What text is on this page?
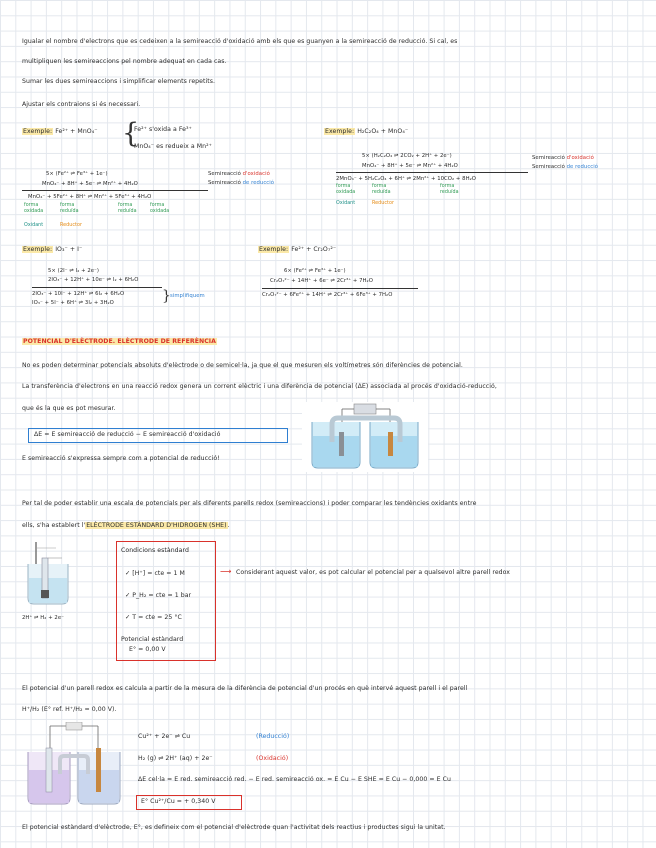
Igualar el nombre d'electrons que es cedeixen a la semireacció d'oxidació amb els que es guanyen a la semireacció de reducció. Si cal, es
multipliquen les semireaccions pel nombre adequat en cada cas.
Sumar les dues semireaccions i simplificar elements repetits.
Ajustar els contraions si és necessari.
Exemple: Fe²⁺ + MnO₄⁻ {
Fe²⁺ s'oxida a Fe³⁺
MnO₄⁻ es redueix a Mn²⁺
5× (Fe²⁺ ⇌ Fe³⁺ + 1e⁻)
MnO₄⁻ + 8H⁺ + 5e⁻ ⇌ Mn²⁺ + 4H₂O
MnO₄⁻ + 5Fe²⁺ + 8H⁺ ⇌ Mn²⁺ + 5Fe³⁺ + 4H₂O
Semireacció d'oxidació
Semireacció de reducció
forma
oxidada
forma
reduïda
forma
reduïda
forma
oxidada
Oxidant	Reductor
Exemple: H₂C₂O₄ + MnO₄⁻
5× (H₂C₂O₄ ⇌ 2CO₂ + 2H⁺ + 2e⁻)
MnO₄⁻ + 8H⁺ + 5e⁻ ⇌ Mn²⁺ + 4H₂O
2MnO₄⁻ + 5H₂C₂O₄ + 6H⁺ ⇌ 2Mn²⁺ + 10CO₂ + 8H₂O
Semireacció d'oxidació
Semireacció de reducció
forma
oxidada
forma
reduïda
forma
reduïda
Oxidant	Reductor
Exemple: IO₃⁻ + I⁻
5× (2I⁻ ⇌ I₂ + 2e⁻)
2IO₃⁻ + 12H⁺ + 10e⁻ ⇌ I₂ + 6H₂O
2IO₃⁻ + 10I⁻ + 12H⁺ ⇌ 6I₂ + 6H₂O
IO₃⁻ + 5I⁻ + 6H⁺ ⇌ 3I₂ + 3H₂O	} simplifiquem
Exemple: Fe²⁺ + Cr₂O₇²⁻
6× (Fe²⁺ ⇌ Fe³⁺ + 1e⁻)
Cr₂O₇²⁻ + 14H⁺ + 6e⁻ ⇌ 2Cr³⁺ + 7H₂O
Cr₂O₇²⁻ + 6Fe²⁺ + 14H⁺ ⇌ 2Cr³⁺ + 6Fe³⁺ + 7H₂O
POTENCIAL D'ELÈCTRODE. ELÈCTRODE DE REFERÈNCIA
No es poden determinar potencials absoluts d'elèctrode o de semicel·la, ja que el que mesuren els voltímetres són diferències de potencial.
La transferència d'electrons en una reacció redox genera un corrent elèctric i una diferència de potencial (ΔE) associada al procés d'oxidació-reducció,
que és la que es pot mesurar.
ΔE = E semireacció de reducció − E semireacció d'oxidació
E semireacció s'expressa sempre com a potencial de reducció!
Per tal de poder establir una escala de potencials per als diferents parells redox (semireaccions) i poder comparar les tendències oxidants entre
ells, s'ha establert l'ELÈCTRODE ESTÀNDARD D'HIDROGEN (SHE).
2H⁺ ⇌ H₂ + 2e⁻
Condicions estàndard
✓ [H⁺] = cte = 1 M
✓ P_H₂ = cte = 1 bar
✓ T = cte = 25 °C
Potencial estàndard
E° = 0,00 V
⟶ Considerant aquest valor, es pot calcular el potencial per a qualsevol altre parell redox
El potencial d'un parell redox es calcula a partir de la mesura de la diferència de potencial d'un procés en què intervé aquest parell i el parell
H⁺/H₂ (E° ref. H⁺/H₂ = 0,00 V).
Cu²⁺ + 2e⁻ ⇌ Cu	(Reducció)
H₂ (g) ⇌ 2H⁺ (aq) + 2e⁻	(Oxidació)
ΔE cel·la = E red. semireacció red. − E red. semireacció ox. = E Cu − E SHE = E Cu − 0,000 = E Cu
E° Cu²⁺/Cu = + 0,340 V
El potencial estàndard d'elèctrode, E°, es defineix com el potencial d'elèctrode quan l'activitat dels reactius i productes sigui la unitat.
